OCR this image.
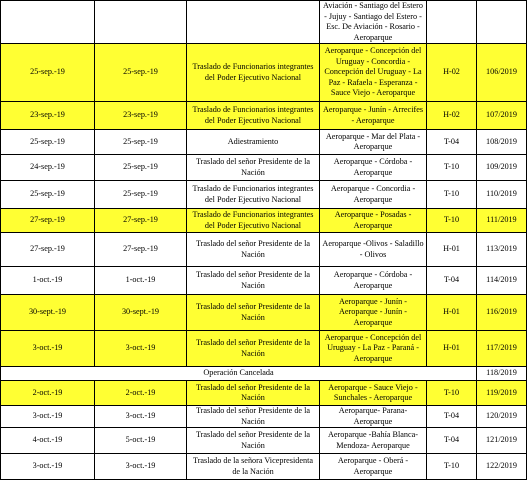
			Aviación - Santiago del Estero - Jujuy - Santiago del Estero - Esc. De Aviación - Rosario - Aeroparque		
25-sep.-19	25-sep.-19	Traslado de Funcionarios integrantes del Poder Ejecutivo Nacional	Aeroparque - Concepción del Uruguay - Concordia -Concepción del Uruguay - La Paz - Rafaela - Esperanza - Sauce Viejo - Aeroparque	H-02	106/2019
23-sep.-19	23-sep.-19	Traslado de Funcionarios integrantes del Poder Ejecutivo Nacional	Aeroparque - Junín - Arrecifes - Aeroparque	H-02	107/2019
25-sep.-19	25-sep.-19	Adiestramiento	Aeroparque - Mar del Plata - Aeroparque	T-04	108/2019
24-sep.-19	25-sep.-19	Traslado del señor Presidente de la Nación	Aeroparque - Córdoba - Aeroparque	T-10	109/2019
25-sep.-19	25-sep.-19	Traslado de Funcionarios integrantes del Poder Ejecutivo Nacional	Aeroparque - Concordia - Aeroparque	T-10	110/2019
27-sep.-19	27-sep.-19	Traslado de Funcionarios integrantes del Poder Ejecutivo Nacional	Aeroparque - Posadas - Aeroparque	T-10	111/2019
27-sep.-19	27-sep.-19	Traslado del señor Presidente de la Nación	Aeroparque -Olivos - Saladillo - Olivos	H-01	113/2019
1-oct.-19	1-oct.-19	Traslado del señor Presidente de la Nación	Aeroparque - Córdoba - Aeroparque	T-04	114/2019
30-sept.-19	30-sept.-19	Traslado del señor Presidente de la Nación	Aeroparque - Junín - Aeroparque - Junín - Aeroparque	H-01	116/2019
3-oct.-19	3-oct.-19	Traslado del señor Presidente de la Nación	Aeroparque - Concepción del Uruguay - La Paz - Paraná - Aeroparque	H-01	117/2019
Operación Cancelada					118/2019
2-oct.-19	2-oct.-19	Traslado del señor Presidente de la Nación	Aeroparque - Sauce Viejo - Sunchales - Aeroparque	T-10	119/2019
3-oct.-19	3-oct.-19	Traslado del señor Presidente de la Nación	Aeroparque- Parana- Aeroparque	T-04	120/2019
4-oct.-19	5-oct.-19	Traslado del señor Presidente de la Nación	Aeroparque -Bahía Blanca-Mendoza- Aeroparque	T-04	121/2019
3-oct.-19	3-oct.-19	Traslado de la señora Vicepresidenta de la Nación	Aeroparque - Oberá - Aeroparque	T-10	122/2019
